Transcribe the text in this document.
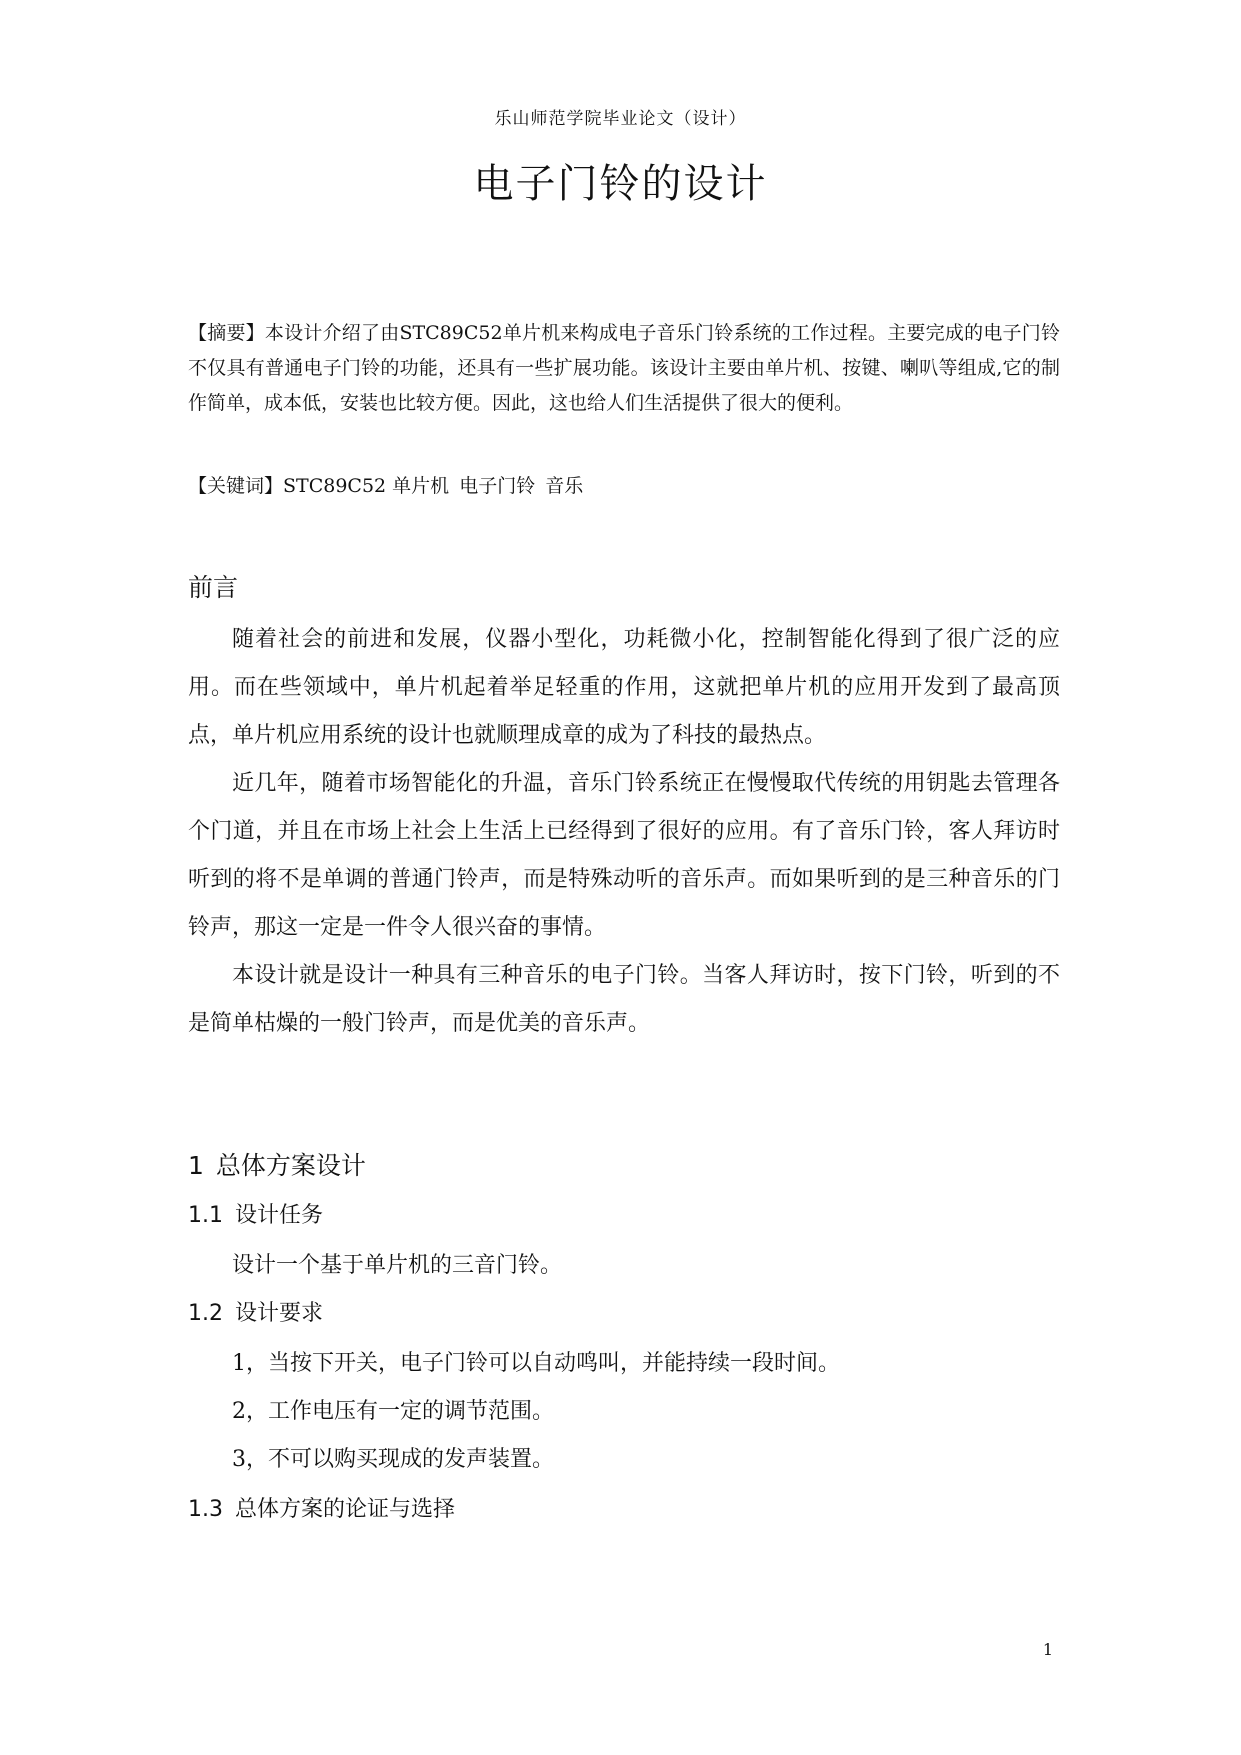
乐山师范学院毕业论文（设计）
电子门铃的设计
【摘要】本设计介绍了由STC89C52单片机来构成电子音乐门铃系统的工作过程。主要完成的电子门铃不仅具有普通电子门铃的功能，还具有一些扩展功能。该设计主要由单片机、按键、喇叭等组成,它的制作简单，成本低，安装也比较方便。因此，这也给人们生活提供了很大的便利。
【关键词】STC89C52 单片机 电子门铃 音乐
前言

随着社会的前进和发展，仪器小型化，功耗微小化，控制智能化得到了很广泛的应用。而在些领域中，单片机起着举足轻重的作用，这就把单片机的应用开发到了最高顶点，单片机应用系统的设计也就顺理成章的成为了科技的最热点。

近几年，随着市场智能化的升温，音乐门铃系统正在慢慢取代传统的用钥匙去管理各个门道，并且在市场上社会上生活上已经得到了很好的应用。有了音乐门铃，客人拜访时听到的将不是单调的普通门铃声，而是特殊动听的音乐声。而如果听到的是三种音乐的门铃声，那这一定是一件令人很兴奋的事情。

本设计就是设计一种具有三种音乐的电子门铃。当客人拜访时，按下门铃，听到的不是简单枯燥的一般门铃声，而是优美的音乐声。

1 总体方案设计
1.1 设计任务
设计一个基于单片机的三音门铃。
1.2 设计要求
1，当按下开关，电子门铃可以自动鸣叫，并能持续一段时间。
2，工作电压有一定的调节范围。
3，不可以购买现成的发声装置。
1.3 总体方案的论证与选择
1
